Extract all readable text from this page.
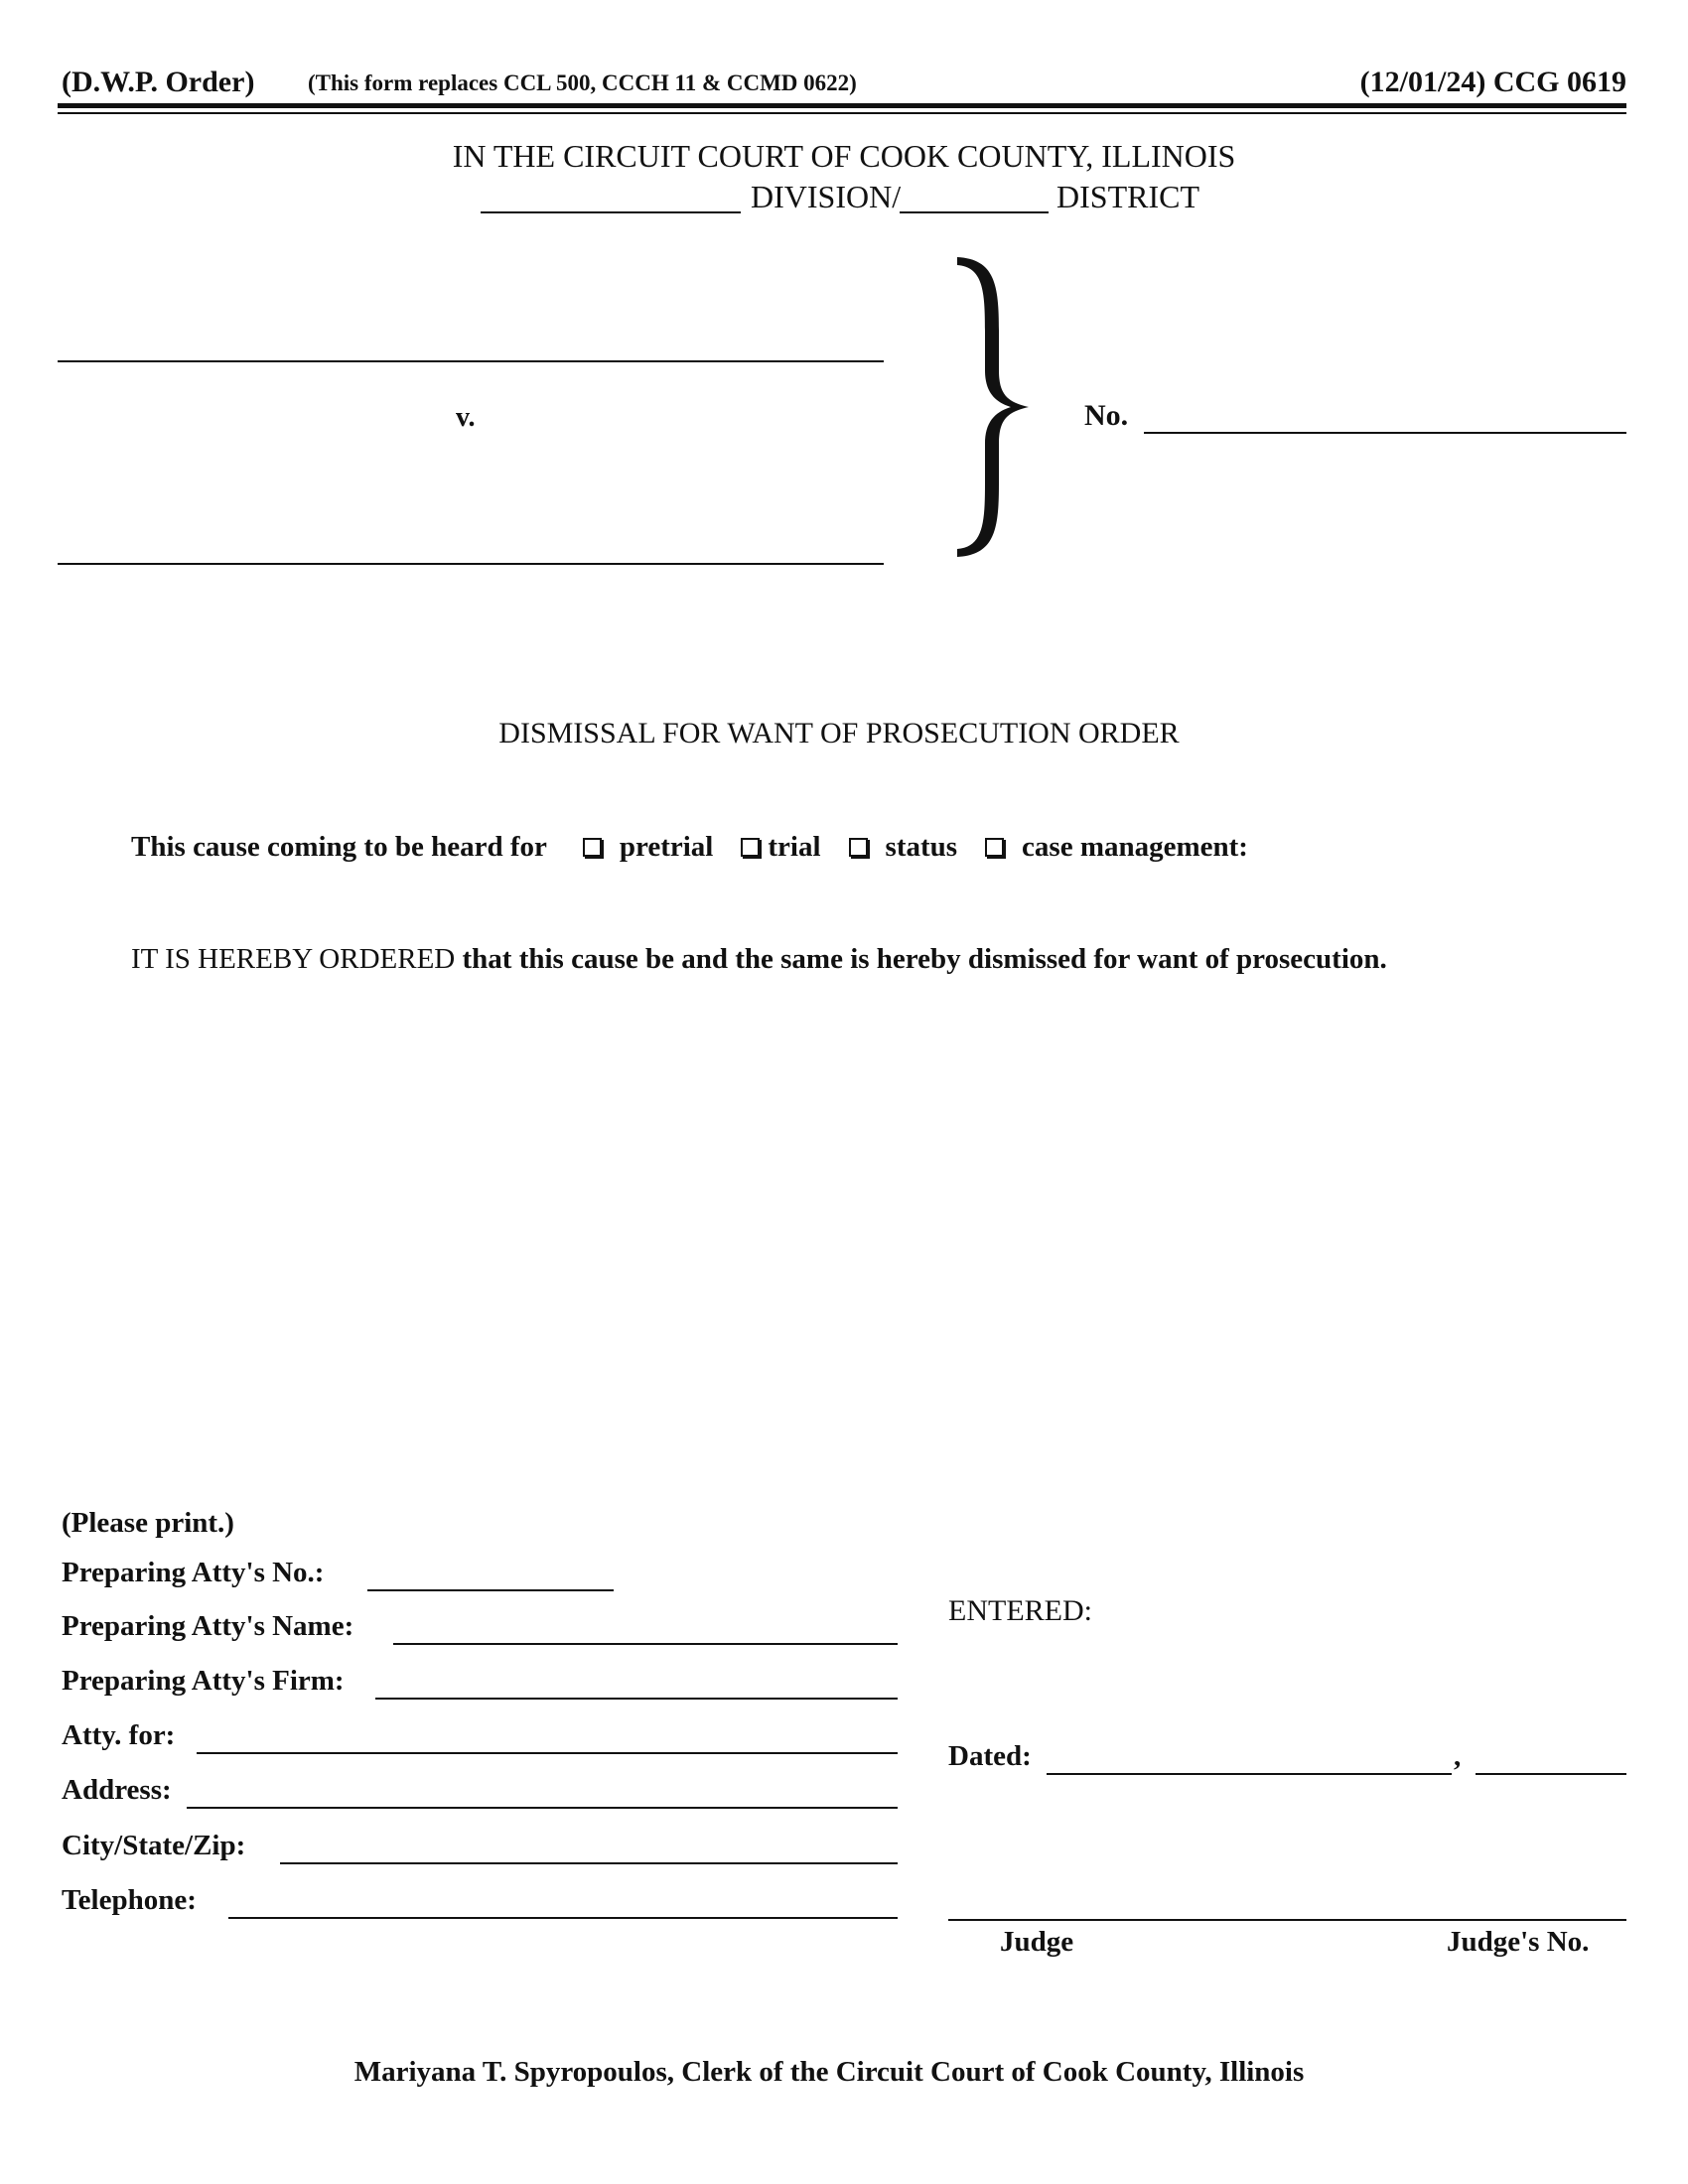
(D.W.P. Order) (This form replaces CCL 500, CCCH 11 & CCMD 0622)	(12/01/24) CCG 0619
IN THE CIRCUIT COURT OF COOK COUNTY, ILLINOIS
DIVISION/	DISTRICT
v.	No.
DISMISSAL FOR WANT OF PROSECUTION ORDER
This cause coming to be heard for	pretrial trial status case management:
IT IS HEREBY ORDERED that this cause be and the same is hereby dismissed for want of prosecution.
(Please print.)
Preparing Atty's No.:
Preparing Atty's Name:
Preparing Atty's Firm:
Atty. for:
Address:
City/State/Zip:
Telephone:
ENTERED:
Dated:	,
Judge	Judge's No.
Mariyana T. Spyropoulos, Clerk of the Circuit Court of Cook County, Illinois
